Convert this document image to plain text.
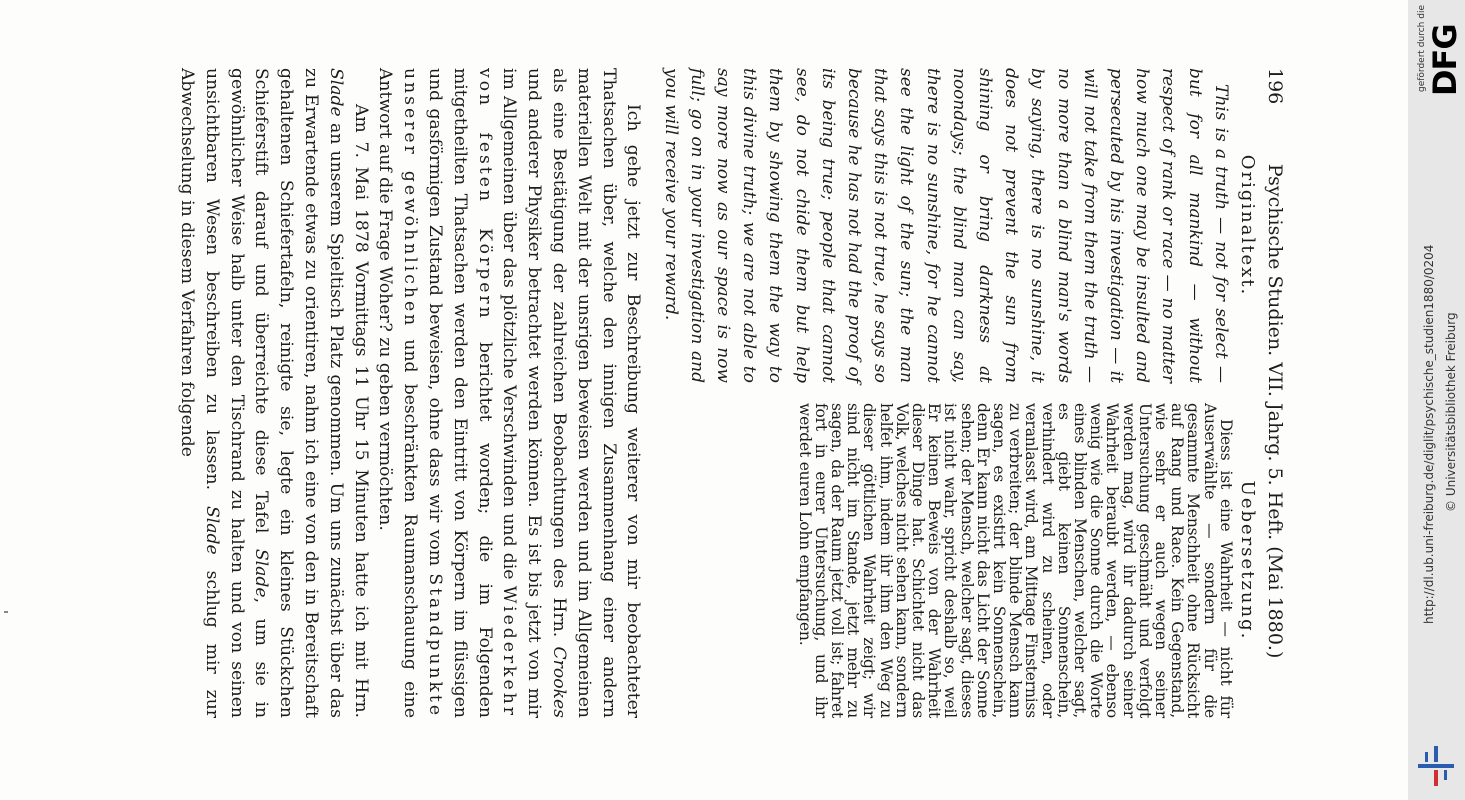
196
Psychische Studien. VII. Jahrg. 5. Heft. (Mai 1880.)
Originaltext.

This is a truth — not for select — but for all mankind — without respect of rank or race — no matter how much one may be insulted and persecuted by his investigation — it will not take from them the truth — no more than a blind man's words by saying, there is no sunshine, it does not prevent the sun from shining or bring darkness at noondays; the blind man can say, there is no sunshine, for he cannot see the light of the sun; the man that says this is not true, he says so because he has not had the proof of its being true; people that cannot see, do not chide them but help them by showing them the way to this divine truth; we are not able to say more now as our space is now full; go on in your investigation and you will receive your reward.

Uebersetzung.

Diess ist eine Wahrheit — nicht für Auserwählte — sondern für die gesammte Menschheit ohne Rücksicht auf Rang und Race. Kein Gegenstand, wie sehr er auch wegen seiner Untersuchung geschmäht und verfolgt werden mag, wird ihr dadurch seiner Wahrheit beraubt werden, — ebenso wenig wie die Sonne durch die Worte eines blinden Menschen, welcher sagt, es giebt keinen Sonnenschein, verhindert wird zu scheinen, oder veranlasst wird, am Mittage Finsterniss zu verbreiten; der blinde Mensch kann sagen, es existirt kein Sonnenschein, denn Er kann nicht das Licht der Sonne sehen; der Mensch, welcher sagt, dieses ist nicht wahr, spricht deshalb so, weil Er keinen Beweis von der Wahrheit dieser Dinge hat. Schichtet nicht das Volk, welches nicht sehen kann, sondern helfet ihm, indem ihr ihm den Weg zu dieser göttlichen Wahrheit zeigt; wir sind nicht im Stande, jetzt mehr zu sagen, da der Raum jetzt voll ist; fahret fort in eurer Untersuchung, und ihr werdet euren Lohn empfangen.

Ich gehe jetzt zur Beschreibung weiterer von mir beobachteter Thatsachen über, welche den innigen Zusammenhang einer andern materiellen Welt mit der unsrigen beweisen werden und im Allgemeinen als eine Bestätigung der zahlreichen Beobachtungen des Hrn. Crookes und anderer Physiker betrachtet werden können. Es ist bis jetzt von mir im Allgemeinen über das plötzliche Verschwinden und die Wiederkehr von festen Körpern berichtet worden; die im Folgenden mitgetheilten Thatsachen werden den Eintritt von Körpern im flüssigen und gasförmigen Zustand beweisen, ohne dass wir vom Standpunkte unserer gewöhnlichen und beschränkten Raumanschauung eine Antwort auf die Frage Woher? zu geben vermöchten.

Am 7. Mai 1878 Vormittags 11 Uhr 15 Minuten hatte ich mit Hrn. Slade an unserem Spieltisch Platz genommen. Um uns zunächst über das zu Erwartende etwas zu orientiren, nahm ich eine von den in Bereitschaft gehaltenen Schiefertafeln, reinigte sie, legte ein kleines Stückchen Schieferstift darauf und überreichte diese Tafel Slade, um sie in gewöhnlicher Weise halb unter den Tischrand zu halten und von seinen unsichtbaren Wesen beschreiben zu lassen. Slade schlug mir zur Abwechselung in diesem Verfahren folgende

gefördert durch die DFG
http://dl.ub.uni-freiburg.de/diglit/psychische_studien1880/0204 © Universitätsbibliothek Freiburg
